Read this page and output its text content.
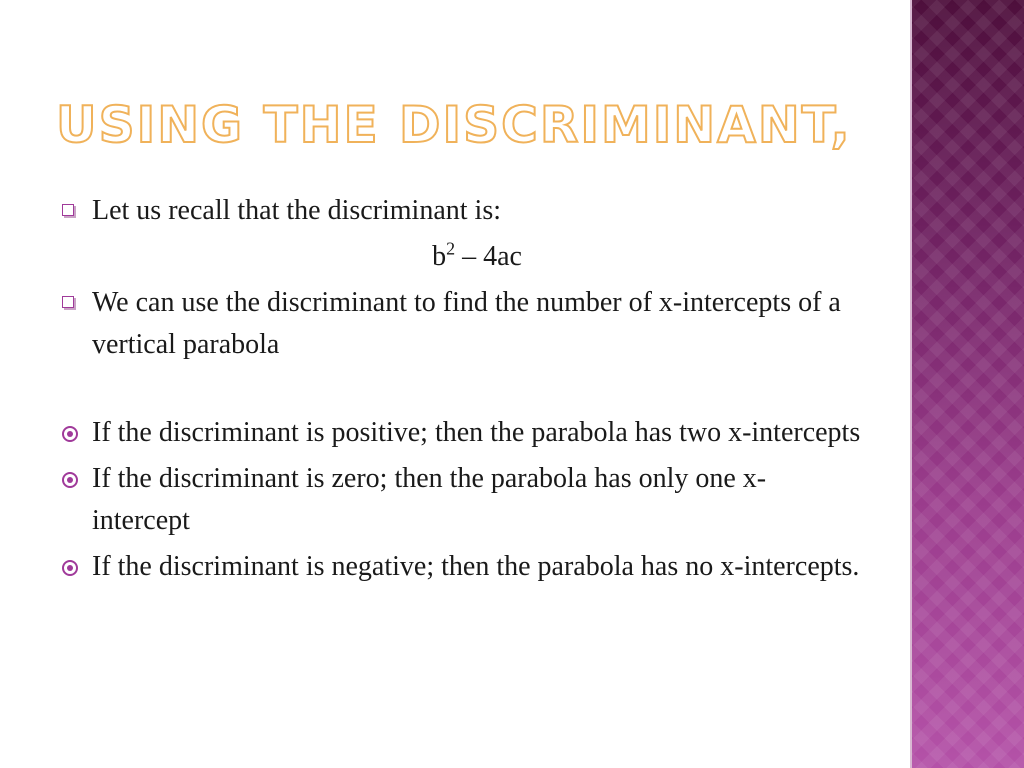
USING THE DISCRIMINANT,
Let us recall that the discriminant is:
$b^2 - 4ac$
We can use the discriminant to find the number of x-intercepts of a vertical parabola
If the discriminant is positive; then the parabola has two x-intercepts
If the discriminant is zero; then the parabola has only one x-intercept
If the discriminant is negative; then the parabola has no x-intercepts.
